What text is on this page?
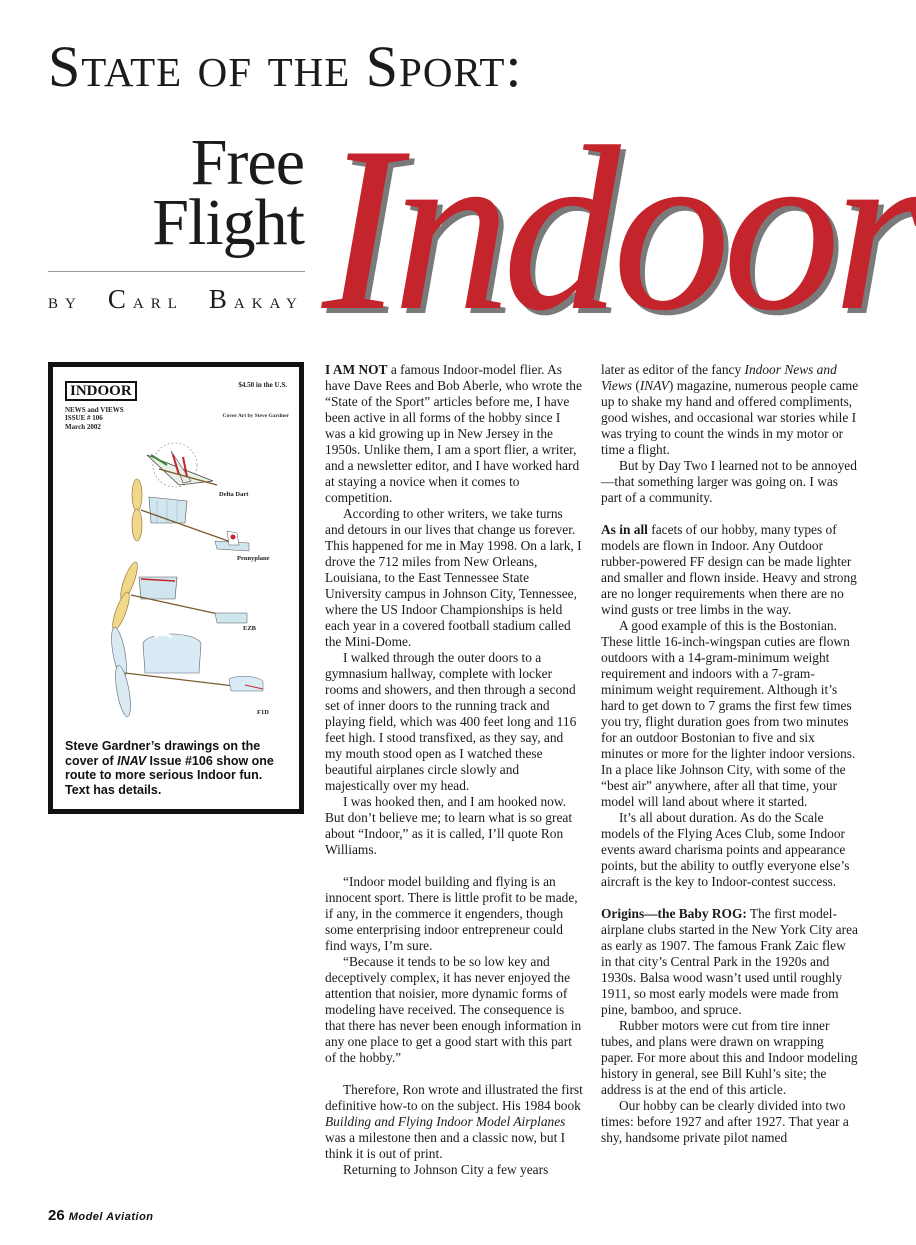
State of the Sport:
Free
Flight
by Carl Bakay Indoor
INDOOR	$4.50 in the U.S.
NEWS and VIEWS
ISSUE # 106
March 2002
Cover Art by Steve Gardner
Delta Dart
Pennyplane
EZB
F1D
Steve Gardner’s drawings on the cover of INAV Issue #106 show one route to more serious Indoor fun. Text has details.

I AM NOT a famous Indoor-model flier. As have Dave Rees and Bob Aberle, who wrote the “State of the Sport” articles before me, I have been active in all forms of the hobby since I was a kid growing up in New Jersey in the 1950s. Unlike them, I am a sport flier, a writer, and a newsletter editor, and I have worked hard at staying a novice when it comes to competition.

According to other writers, we take turns and detours in our lives that change us forever. This happened for me in May 1998. On a lark, I drove the 712 miles from New Orleans, Louisiana, to the East Tennessee State University campus in Johnson City, Tennessee, where the US Indoor Championships is held each year in a covered football stadium called the Mini-Dome.

I walked through the outer doors to a gymnasium hallway, complete with locker rooms and showers, and then through a second set of inner doors to the running track and playing field, which was 400 feet long and 116 feet high. I stood transfixed, as they say, and my mouth stood open as I watched these beautiful airplanes circle slowly and majestically over my head.

I was hooked then, and I am hooked now. But don’t believe me; to learn what is so great about “Indoor,” as it is called, I’ll quote Ron Williams.

“Indoor model building and flying is an innocent sport. There is little profit to be made, if any, in the commerce it engenders, though some enterprising indoor entrepreneur could find ways, I’m sure.

“Because it tends to be so low key and deceptively complex, it has never enjoyed the attention that noisier, more dynamic forms of modeling have received. The consequence is that there has never been enough information in any one place to get a good start with this part of the hobby.”

Therefore, Ron wrote and illustrated the first definitive how-to on the subject. His 1984 book Building and Flying Indoor Model Airplanes was a milestone then and a classic now, but I think it is out of print.

Returning to Johnson City a few years

later as editor of the fancy Indoor News and Views (INAV) magazine, numerous people came up to shake my hand and offered compliments, good wishes, and occasional war stories while I was trying to count the winds in my motor or time a flight.

But by Day Two I learned not to be annoyed—that something larger was going on. I was part of a community.

As in all facets of our hobby, many types of models are flown in Indoor. Any Outdoor rubber-powered FF design can be made lighter and smaller and flown inside. Heavy and strong are no longer requirements when there are no wind gusts or tree limbs in the way.

A good example of this is the Bostonian. These little 16-inch-wingspan cuties are flown outdoors with a 14-gram-minimum weight requirement and indoors with a 7-gram-minimum weight requirement. Although it’s hard to get down to 7 grams the first few times you try, flight duration goes from two minutes for an outdoor Bostonian to five and six minutes or more for the lighter indoor versions. In a place like Johnson City, with some of the “best air” anywhere, after all that time, your model will land about where it started.

It’s all about duration. As do the Scale models of the Flying Aces Club, some Indoor events award charisma points and appearance points, but the ability to outfly everyone else’s aircraft is the key to Indoor-contest success.

Origins—the Baby ROG: The first model-airplane clubs started in the New York City area as early as 1907. The famous Frank Zaic flew in that city’s Central Park in the 1920s and 1930s. Balsa wood wasn’t used until roughly 1911, so most early models were made from pine, bamboo, and spruce.

Rubber motors were cut from tire inner tubes, and plans were drawn on wrapping paper. For more about this and Indoor modeling history in general, see Bill Kuhl’s site; the address is at the end of this article.

Our hobby can be clearly divided into two times: before 1927 and after 1927. That year a shy, handsome private pilot named

26 Model Aviation
